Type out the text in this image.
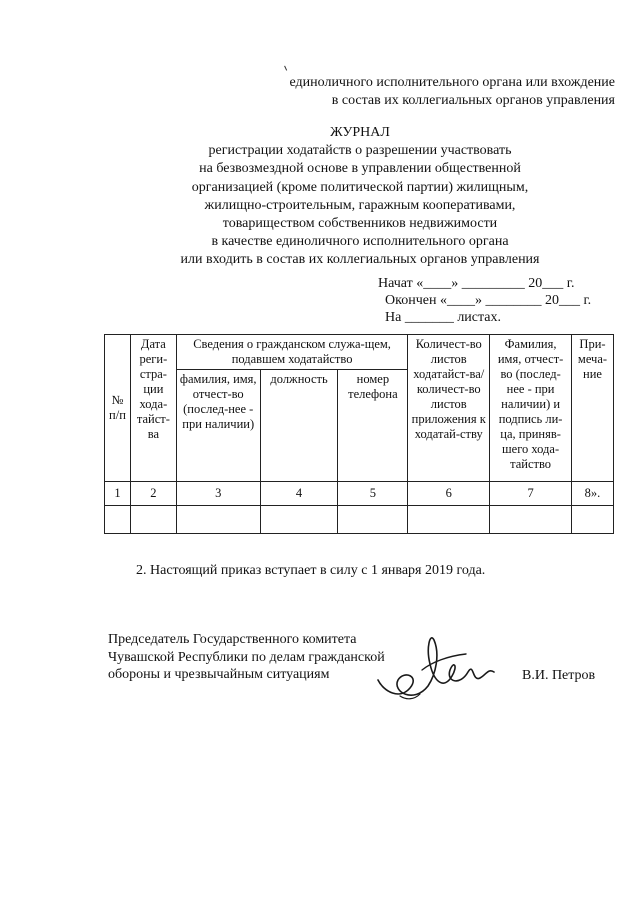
единоличного исполнительного органа или вхождение
в состав их коллегиальных органов управления
ЖУРНАЛ
регистрации ходатайств о разрешении участвовать
на безвозмездной основе в управлении общественной
организацией (кроме политической партии) жилищным,
жилищно-строительным, гаражным кооперативами,
товариществом собственников недвижимости
в качестве единоличного исполнительного органа
или входить в состав их коллегиальных органов управления
Начат «____» _________ 20___ г.
Окончен «____» ________ 20___ г.
На _______ листах.
№ п/п	Дата реги-стра-ции хода-тайст-ва	Сведения о гражданском служа-щем, подавшем ходатайство			Количест-во листов ходатайст-ва/количест-во листов приложения к ходатай-ству	Фамилия, имя, отчест-во (послед-нее - при наличии) и подпись ли-ца, приняв-шего хода-тайство	При-меча-ние
		фамилия, имя, отчест-во (послед-нее - при наличии)	должность	номер телефона			
1	2	3	4	5	6	7	8».

2. Настоящий приказ вступает в силу с 1 января 2019 года.
Председатель Государственного комитета
Чувашской Республики по делам гражданской
обороны и чрезвычайным ситуациям	В.И. Петров
